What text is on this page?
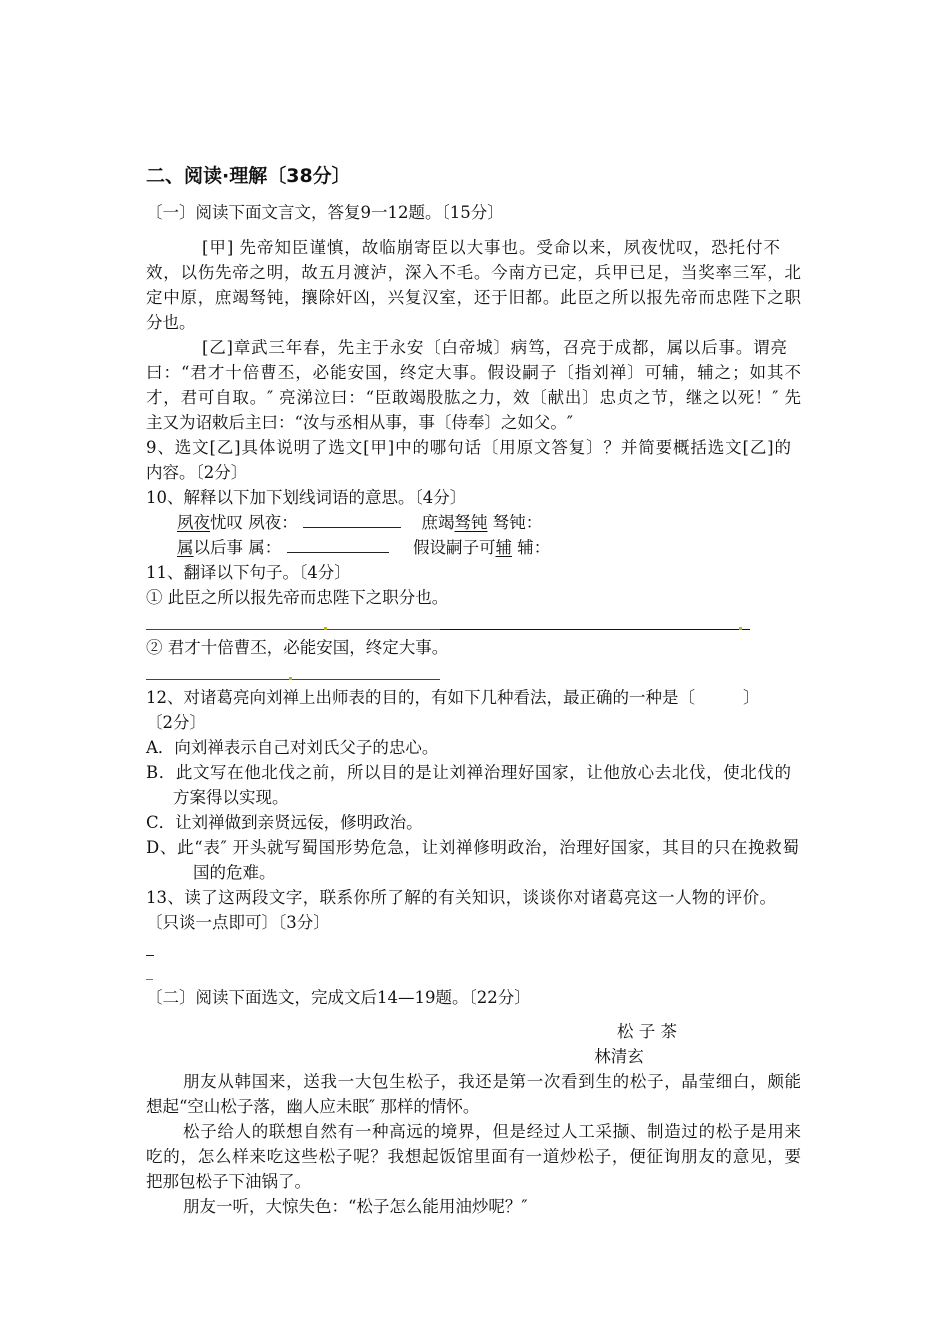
二、阅读·理解〔38分〕
〔一〕阅读下面文言文，答复9一12题。〔15分〕
[甲] 先帝知臣谨慎，故临崩寄臣以大事也。受命以来，夙夜忧叹，恐托付不
效，以伤先帝之明，故五月渡泸，深入不毛。今南方已定，兵甲已足，当奖率三军，北
定中原，庶竭驽钝，攘除奸凶，兴复汉室，还于旧都。此臣之所以报先帝而忠陛下之职
分也。
[乙]章武三年春，先主于永安〔白帝城〕病笃，召亮于成都，属以后事。谓亮
曰：“君才十倍曹丕，必能安国，终定大事。假设嗣子〔指刘禅〕可辅，辅之；如其不
才，君可自取。″ 亮涕泣曰：“臣敢竭股肱之力，效〔献出〕忠贞之节，继之以死！″ 先
主又为诏敕后主曰：“汝与丞相从事，事〔侍奉〕之如父。″
9、选文[乙]具体说明了选文[甲]中的哪句话〔用原文答复〕？并简要概括选文[乙]的
内容。〔2分〕
10、解释以下加下划线词语的意思。〔4分〕
夙夜忧叹 夙夜：	庶竭驽钝 驽钝：
属以后事 属：	假设嗣子可辅 辅：
11、翻译以下句子。〔4分〕
① 此臣之所以报先帝而忠陛下之职分也。
② 君才十倍曹丕，必能安国，终定大事。
12、对诸葛亮向刘禅上出师表的目的，有如下几种看法，最正确的一种是〔	〕
〔2分〕
A．向刘禅表示自己对刘氏父子的忠心。
B．此文写在他北伐之前，所以目的是让刘禅治理好国家，让他放心去北伐，使北伐的
方案得以实现。
C．让刘禅做到亲贤远佞，修明政治。
D、此“表″ 开头就写蜀国形势危急，让刘禅修明政治，治理好国家，其目的只在挽救蜀
国的危难。
13、读了这两段文字，联系你所了解的有关知识，谈谈你对诸葛亮这一人物的评价。
〔只谈一点即可〕〔3分〕
〔二〕阅读下面选文，完成文后14—19题。〔22分〕
松 子 茶
林清玄
朋友从韩国来，送我一大包生松子，我还是第一次看到生的松子，晶莹细白，颇能
想起“空山松子落，幽人应未眠″ 那样的情怀。
松子给人的联想自然有一种高远的境界，但是经过人工采撷、制造过的松子是用来
吃的，怎么样来吃这些松子呢？我想起饭馆里面有一道炒松子，便征询朋友的意见，要
把那包松子下油锅了。
朋友一听，大惊失色：“松子怎么能用油炒呢？″
